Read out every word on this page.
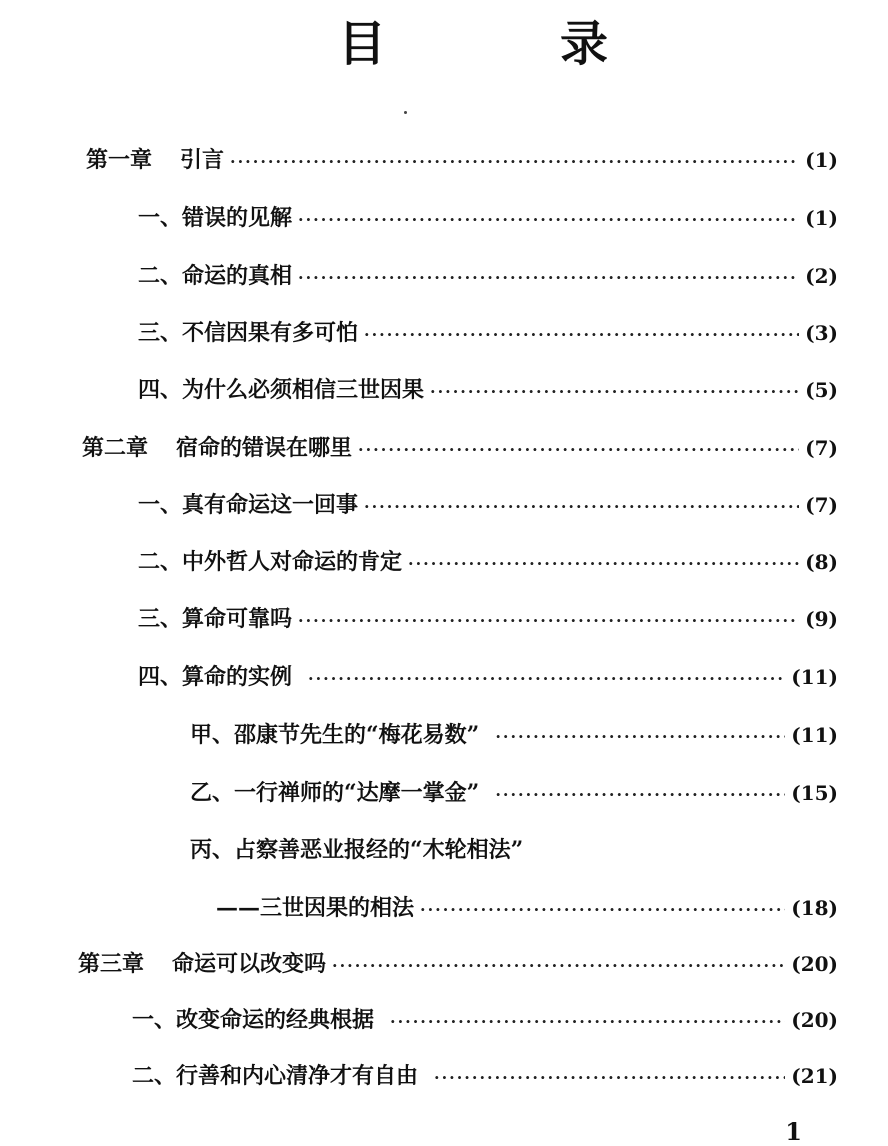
目	录
第一章 引言 ·····	(1)
一、错误的见解 ·····	(1)
二、命运的真相 ·····	(2)
三、不信因果有多可怕 ·····	(3)
四、为什么必须相信三世因果 ·····	(5)
第二章 宿命的错误在哪里 ·····	(7)
一、真有命运这一回事 ·····	(7)
二、中外哲人对命运的肯定 ·····	(8)
三、算命可靠吗 ·····	(9)
四、算命的实例 ·····	(11)
甲、邵康节先生的“梅花易数” ·····	(11)
乙、一行禅师的“达摩一掌金” ·····	(15)
丙、占察善恶业报经的“木轮相法”
——三世因果的相法 ·····	(18)
第三章 命运可以改变吗 ·····	(20)
一、改变命运的经典根据 ·····	(20)
二、行善和内心清净才有自由 ·····	(21)
1
